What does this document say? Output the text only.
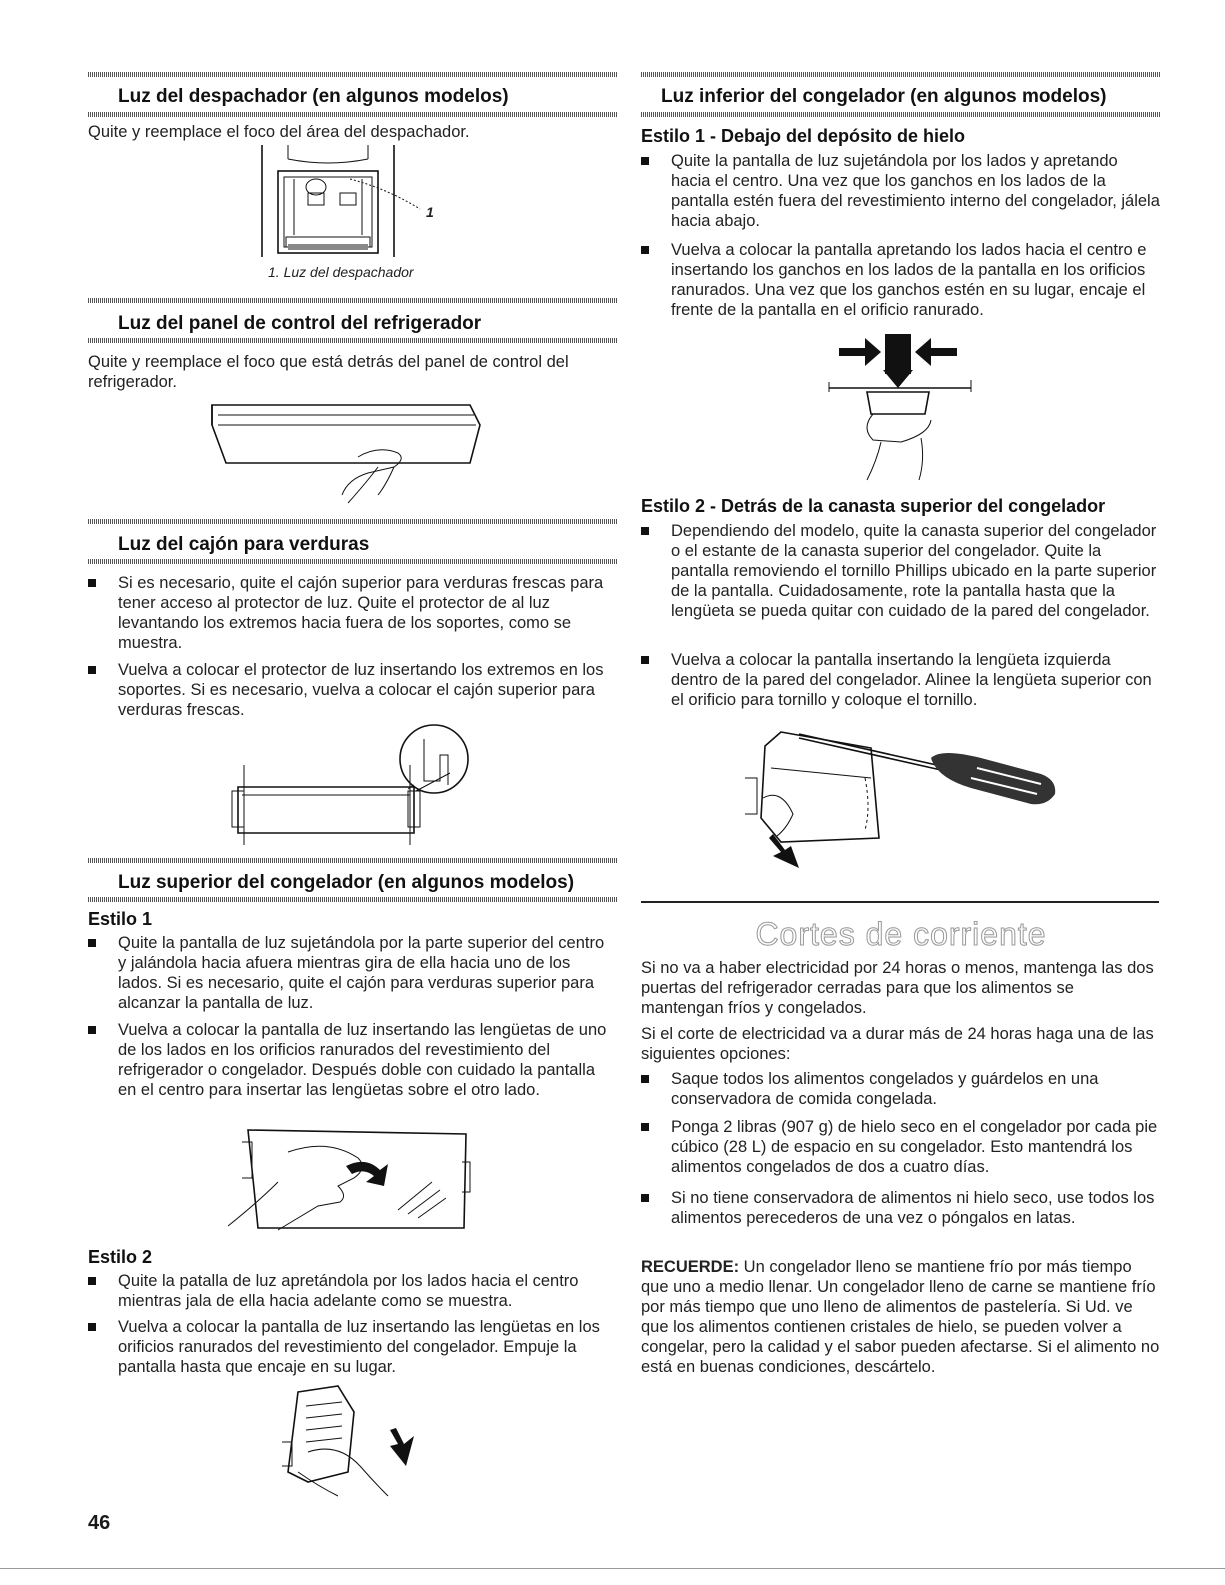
Luz del despachador (en algunos modelos)
Quite y reemplace el foco del área del despachador.
1
1. Luz del despachador
Luz del panel de control del refrigerador
Quite y reemplace el foco que está detrás del panel de control del refrigerador.
Luz del cajón para verduras
Si es necesario, quite el cajón superior para verduras frescas para tener acceso al protector de luz. Quite el protector de al luz levantando los extremos hacia fuera de los soportes, como se muestra.
Vuelva a colocar el protector de luz insertando los extremos en los soportes. Si es necesario, vuelva a colocar el cajón superior para verduras frescas.
Luz superior del congelador (en algunos modelos)
Estilo 1
Quite la pantalla de luz sujetándola por la parte superior del centro y jalándola hacia afuera mientras gira de ella hacia uno de los lados. Si es necesario, quite el cajón para verduras superior para alcanzar la pantalla de luz.
Vuelva a colocar la pantalla de luz insertando las lengüetas de uno de los lados en los orificios ranurados del revestimiento del refrigerador o congelador. Después doble con cuidado la pantalla en el centro para insertar las lengüetas sobre el otro lado.
Estilo 2
Quite la patalla de luz apretándola por los lados hacia el centro mientras jala de ella hacia adelante como se muestra.
Vuelva a colocar la pantalla de luz insertando las lengüetas en los orificios ranurados del revestimiento del congelador. Empuje la pantalla hasta que encaje en su lugar.
46
Luz inferior del congelador (en algunos modelos)
Estilo 1 - Debajo del depósito de hielo
Quite la pantalla de luz sujetándola por los lados y apretando hacia el centro. Una vez que los ganchos en los lados de la pantalla estén fuera del revestimiento interno del congelador, jálela hacia abajo.
Vuelva a colocar la pantalla apretando los lados hacia el centro e insertando los ganchos en los lados de la pantalla en los orificios ranurados. Una vez que los ganchos estén en su lugar, encaje el frente de la pantalla en el orificio ranurado.
Estilo 2 - Detrás de la canasta superior del congelador
Dependiendo del modelo, quite la canasta superior del congelador o el estante de la canasta superior del congelador. Quite la pantalla removiendo el tornillo Phillips ubicado en la parte superior de la pantalla. Cuidadosamente, rote la pantalla hasta que la lengüeta se pueda quitar con cuidado de la pared del congelador.
Vuelva a colocar la pantalla insertando la lengüeta izquierda dentro de la pared del congelador. Alinee la lengüeta superior con el orificio para tornillo y coloque el tornillo.
Cortes de corriente
Si no va a haber electricidad por 24 horas o menos, mantenga las dos puertas del refrigerador cerradas para que los alimentos se mantengan fríos y congelados.
Si el corte de electricidad va a durar más de 24 horas haga una de las siguientes opciones:
Saque todos los alimentos congelados y guárdelos en una conservadora de comida congelada.
Ponga 2 libras (907 g) de hielo seco en el congelador por cada pie cúbico (28 L) de espacio en su congelador. Esto mantendrá los alimentos congelados de dos a cuatro días.
Si no tiene conservadora de alimentos ni hielo seco, use todos los alimentos perecederos de una vez o póngalos en latas.
RECUERDE: Un congelador lleno se mantiene frío por más tiempo que uno a medio llenar. Un congelador lleno de carne se mantiene frío por más tiempo que uno lleno de alimentos de pastelería. Si Ud. ve que los alimentos contienen cristales de hielo, se pueden volver a congelar, pero la calidad y el sabor pueden afectarse. Si el alimento no está en buenas condiciones, descártelo.
